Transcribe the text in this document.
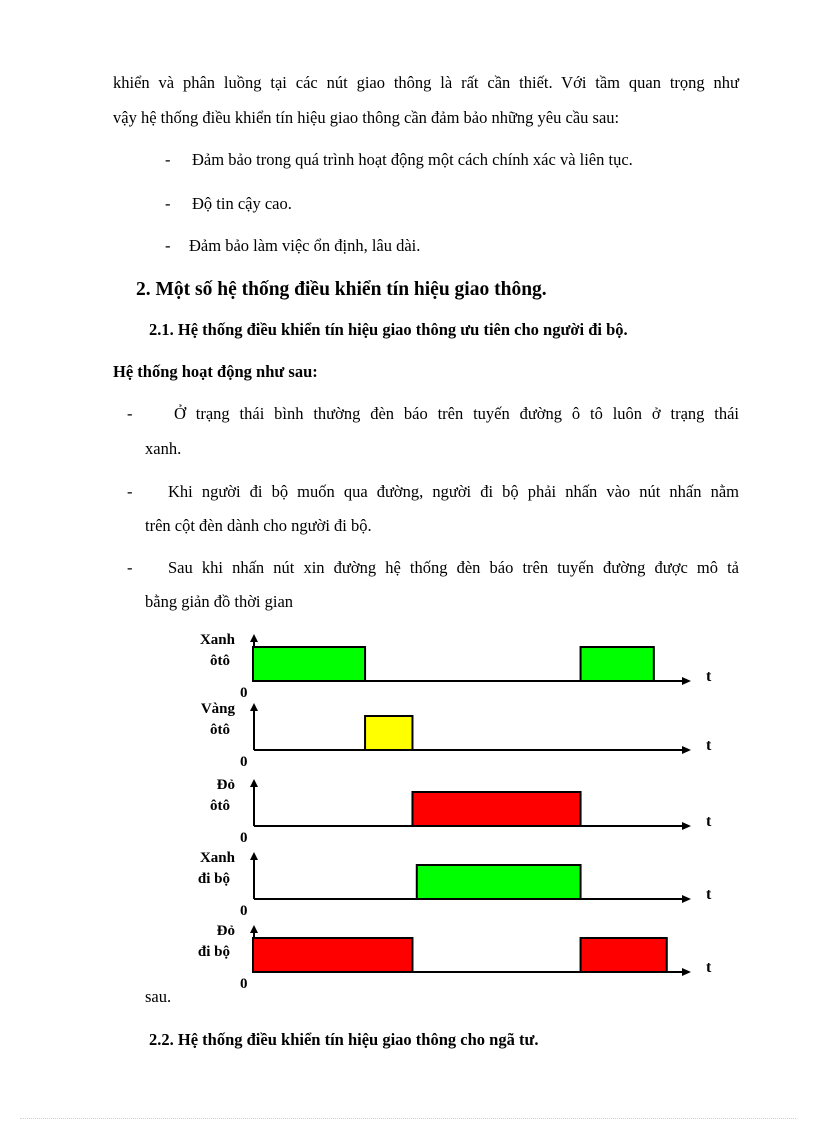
khiển và phân luồng tại các nút giao thông là rất cần thiết. Với tầm quan trọng như
vậy hệ thống điều khiển tín hiệu giao thông cần đảm bảo những yêu cầu sau:
- Đảm bảo trong quá trình hoạt động một cách chính xác và liên tục.
- Độ tin cậy cao.
- Đảm bảo làm việc ổn định, lâu dài.
2. Một số hệ thống điều khiển tín hiệu giao thông.
2.1. Hệ thống điều khiển tín hiệu giao thông ưu tiên cho người đi bộ.
Hệ thống hoạt động như sau:
-	Ở trạng thái bình thường đèn báo trên tuyến đường ô tô luôn ở trạng thái
xanh.
- Khi người đi bộ muốn qua đường, người đi bộ phải nhấn vào nút nhấn nằm
trên cột đèn dành cho người đi bộ.
- Sau khi nhấn nút xin đường hệ thống đèn báo trên tuyến đường được mô tả
bằng giản đồ thời gian
t
0
Xanh
ôtô
t
0
Vàng
ôtô
t
0
Đỏ
ôtô
t
0
Xanh
đi bộ
t
0
Đỏ
đi bộ
sau.
2.2. Hệ thống điều khiển tín hiệu giao thông cho ngã tư.
